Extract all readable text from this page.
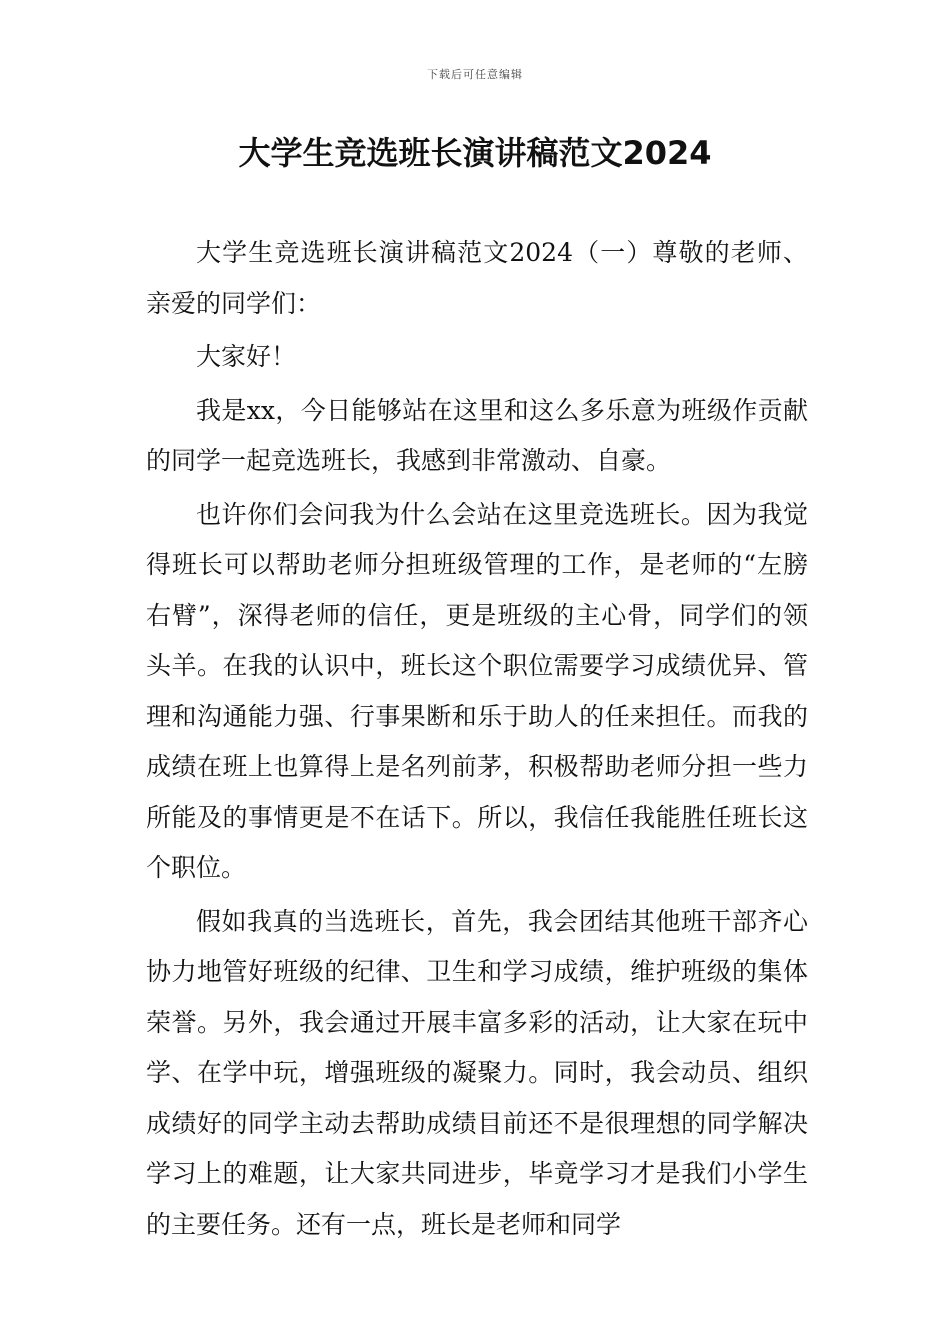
下载后可任意编辑
大学生竞选班长演讲稿范文2024

大学生竞选班长演讲稿范文2024（一）尊敬的老师、亲爱的同学们：

大家好！

我是xx，今日能够站在这里和这么多乐意为班级作贡献的同学一起竞选班长，我感到非常激动、自豪。

也许你们会问我为什么会站在这里竞选班长。因为我觉得班长可以帮助老师分担班级管理的工作，是老师的“左膀右臂”，深得老师的信任，更是班级的主心骨，同学们的领头羊。在我的认识中，班长这个职位需要学习成绩优异、管理和沟通能力强、行事果断和乐于助人的任来担任。而我的成绩在班上也算得上是名列前茅，积极帮助老师分担一些力所能及的事情更是不在话下。所以，我信任我能胜任班长这个职位。

假如我真的当选班长，首先，我会团结其他班干部齐心协力地管好班级的纪律、卫生和学习成绩，维护班级的集体荣誉。另外，我会通过开展丰富多彩的活动，让大家在玩中学、在学中玩，增强班级的凝聚力。同时，我会动员、组织成绩好的同学主动去帮助成绩目前还不是很理想的同学解决学习上的难题，让大家共同进步，毕竟学习才是我们小学生的主要任务。还有一点，班长是老师和同学
